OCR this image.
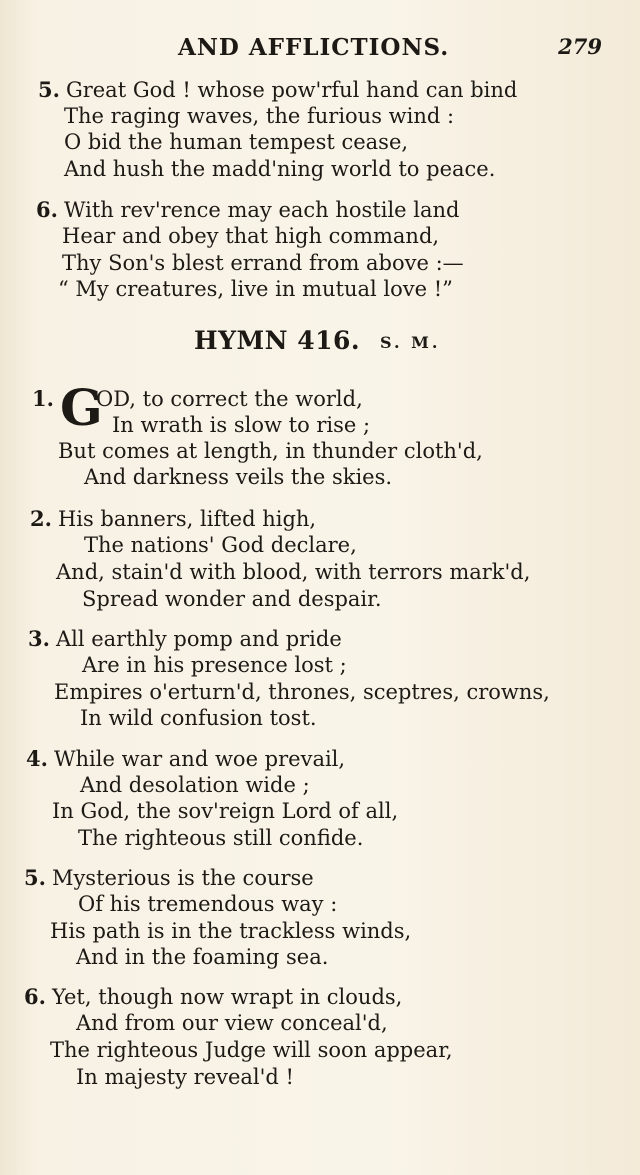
AND AFFLICTIONS.	279
5. Great God ! whose pow'rful hand can bind
The raging waves, the furious wind :
O bid the human tempest cease,
And hush the madd'ning world to peace.
6. With rev'rence may each hostile land
Hear and obey that high command,
Thy Son's blest errand from above :—
“ My creatures, live in mutual love !”
HYMN 416. S. M.
1. G
OD, to correct the world,
In wrath is slow to rise ;
But comes at length, in thunder cloth'd,
And darkness veils the skies.
2. His banners, lifted high,
The nations' God declare,
And, stain'd with blood, with terrors mark'd,
Spread wonder and despair.
3. All earthly pomp and pride
Are in his presence lost ;
Empires o'erturn'd, thrones, sceptres, crowns,
In wild confusion tost.
4. While war and woe prevail,
And desolation wide ;
In God, the sov'reign Lord of all,
The righteous still confide.
5. Mysterious is the course
Of his tremendous way :
His path is in the trackless winds,
And in the foaming sea.
6. Yet, though now wrapt in clouds,
And from our view conceal'd,
The righteous Judge will soon appear,
In majesty reveal'd !
